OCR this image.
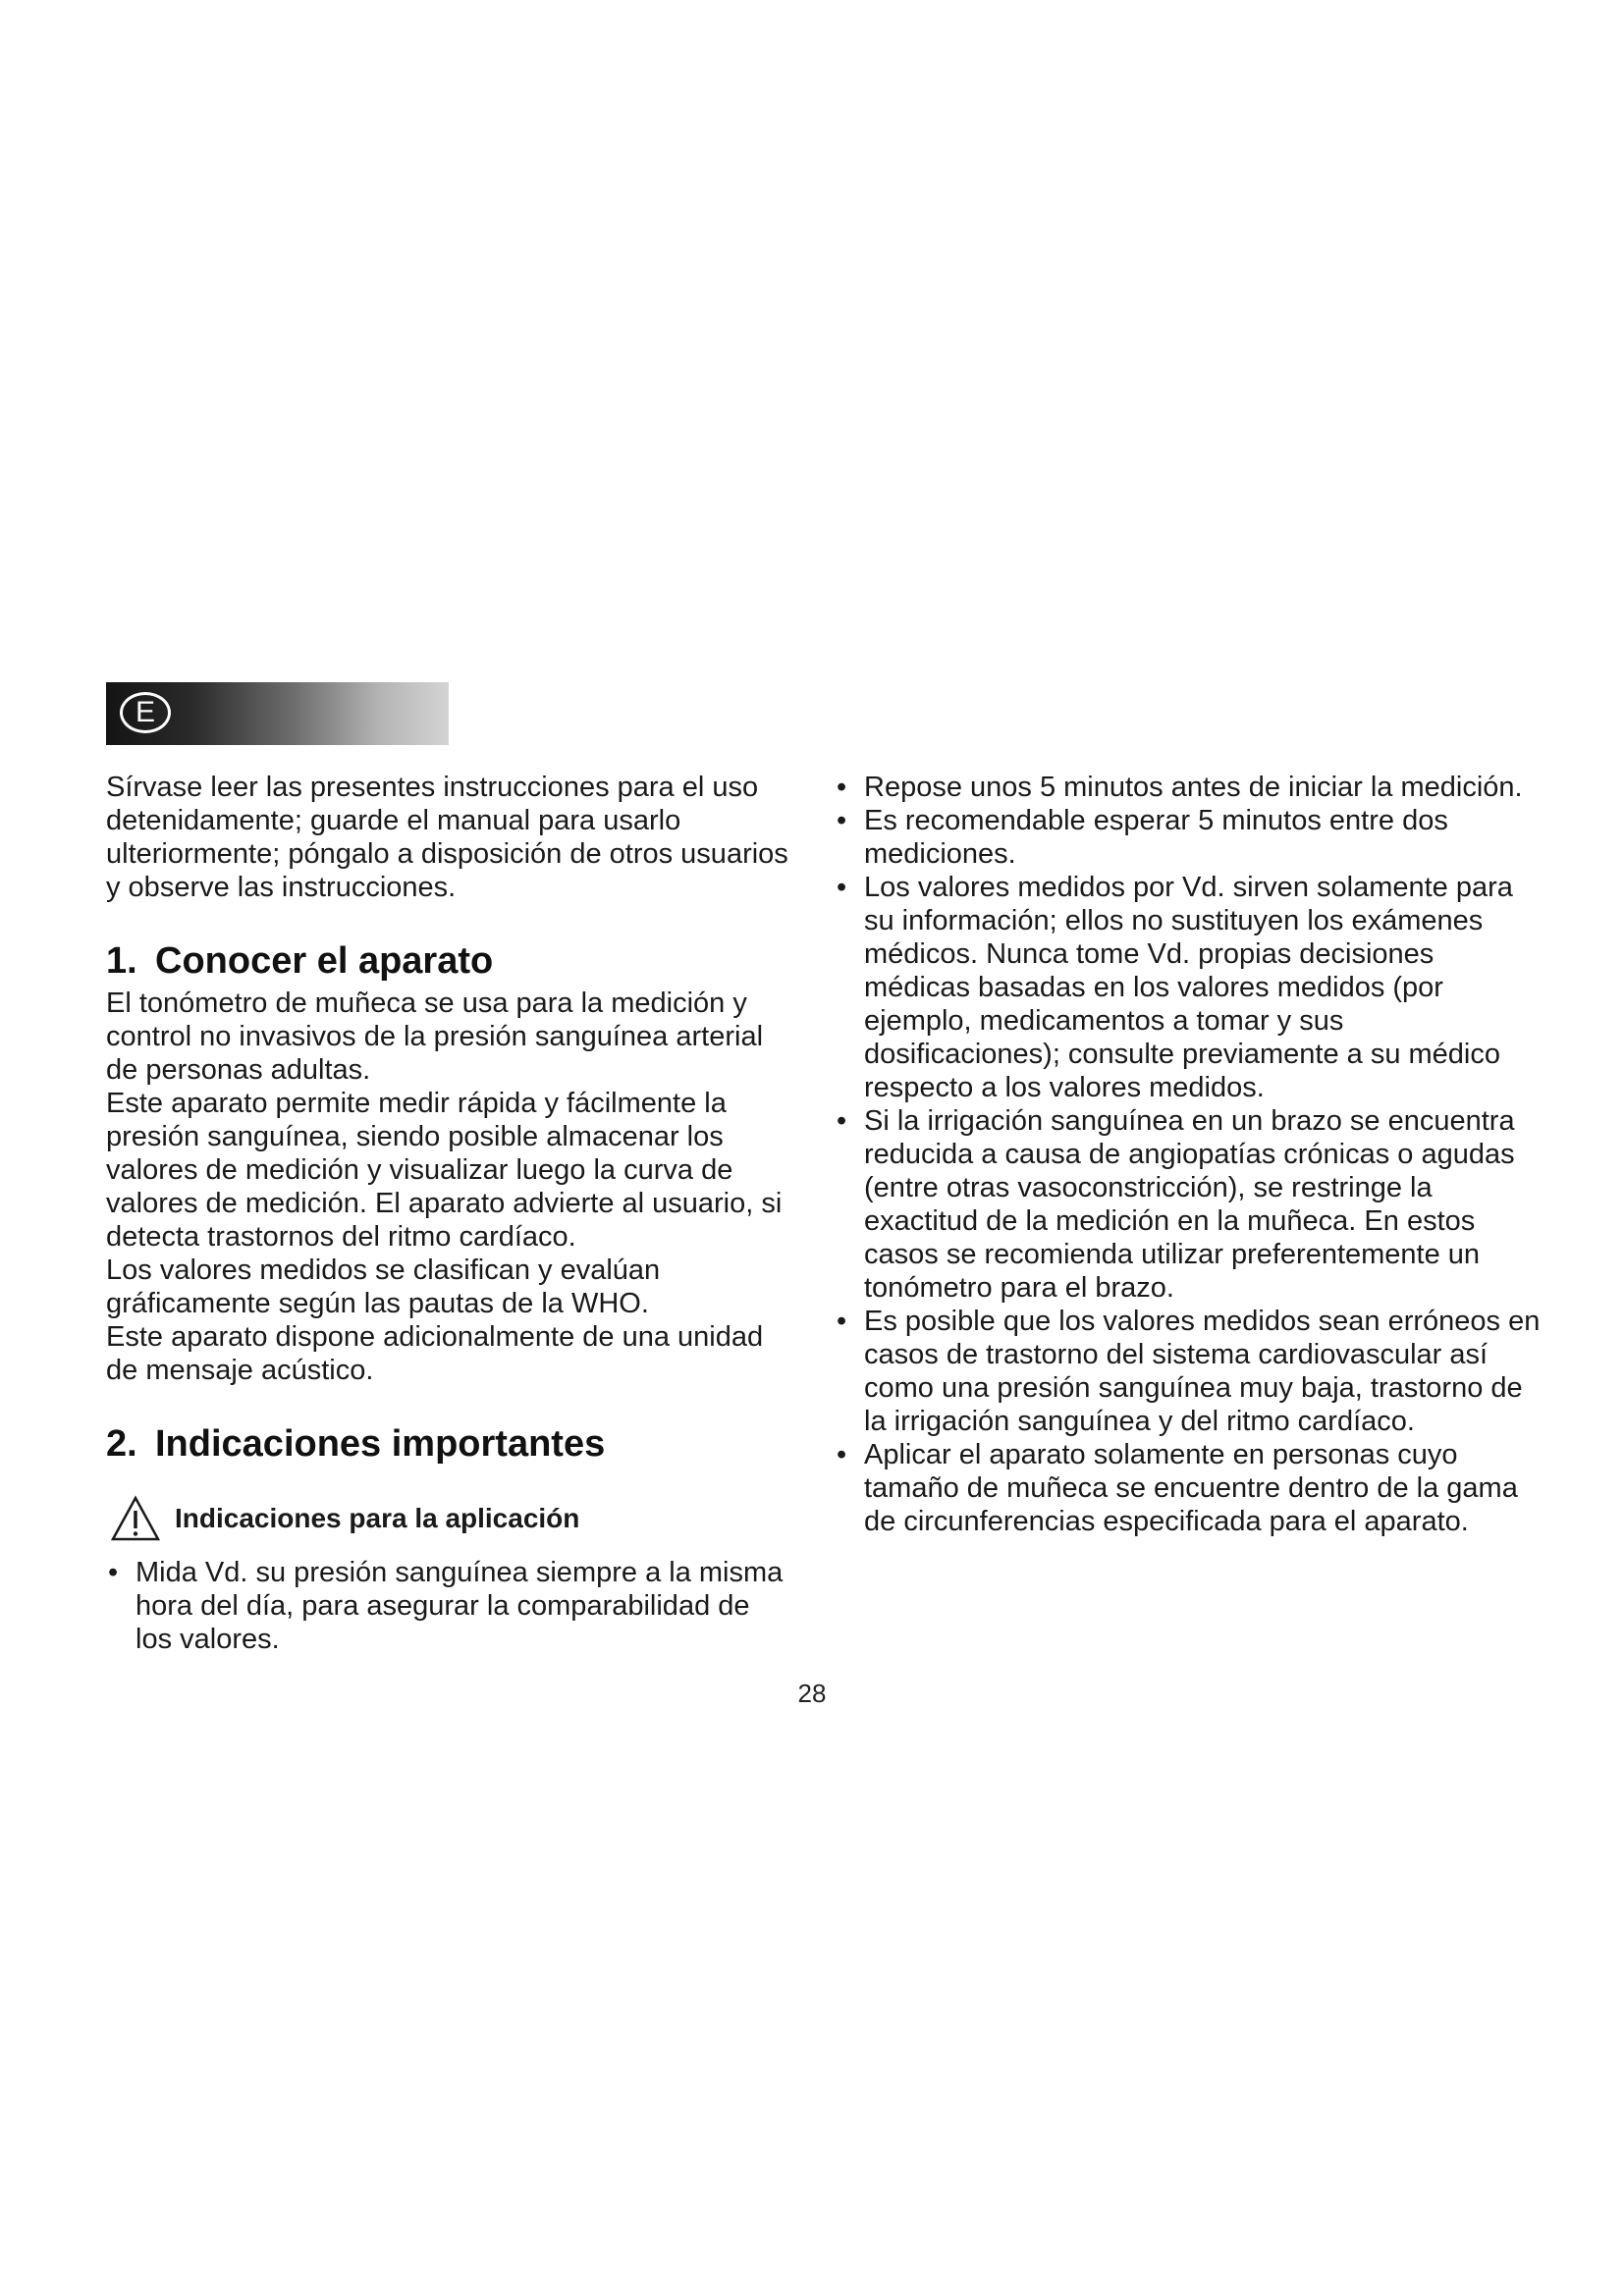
E

Sírvase leer las presentes instrucciones para el uso detenidamente; guarde el manual para usarlo ulteriormente; póngalo a disposición de otros usuarios y observe las instrucciones.

1. Conocer el aparato

El tonómetro de muñeca se usa para la medición y control no invasivos de la presión sanguínea arterial de personas adultas.

Este aparato permite medir rápida y fácilmente la presión sanguínea, siendo posible almacenar los valores de medición y visualizar luego la curva de valores de medición. El aparato advierte al usuario, si detecta trastornos del ritmo cardíaco.

Los valores medidos se clasifican y evalúan gráficamente según las pautas de la WHO.

Este aparato dispone adicionalmente de una unidad de mensaje acústico.

2. Indicaciones importantes
Indicaciones para la aplicación
• Mida Vd. su presión sanguínea siempre a la misma hora del día, para asegurar la comparabilidad de los valores.
• Repose unos 5 minutos antes de iniciar la medición.
• Es recomendable esperar 5 minutos entre dos mediciones.
• Los valores medidos por Vd. sirven solamente para su información; ellos no sustituyen los exámenes médicos. Nunca tome Vd. propias decisiones médicas basadas en los valores medidos (por ejemplo, medicamentos a tomar y sus dosificaciones); consulte previamente a su médico respecto a los valores medidos.
• Si la irrigación sanguínea en un brazo se encuentra reducida a causa de angiopatías crónicas o agudas (entre otras vasoconstricción), se restringe la exactitud de la medición en la muñeca. En estos casos se recomienda utilizar preferentemente un tonómetro para el brazo.
• Es posible que los valores medidos sean erróneos en casos de trastorno del sistema cardiovascular así como una presión sanguínea muy baja, trastorno de la irrigación sanguínea y del ritmo cardíaco.
• Aplicar el aparato solamente en personas cuyo tamaño de muñeca se encuentre dentro de la gama de circunferencias especificada para el aparato.
28
